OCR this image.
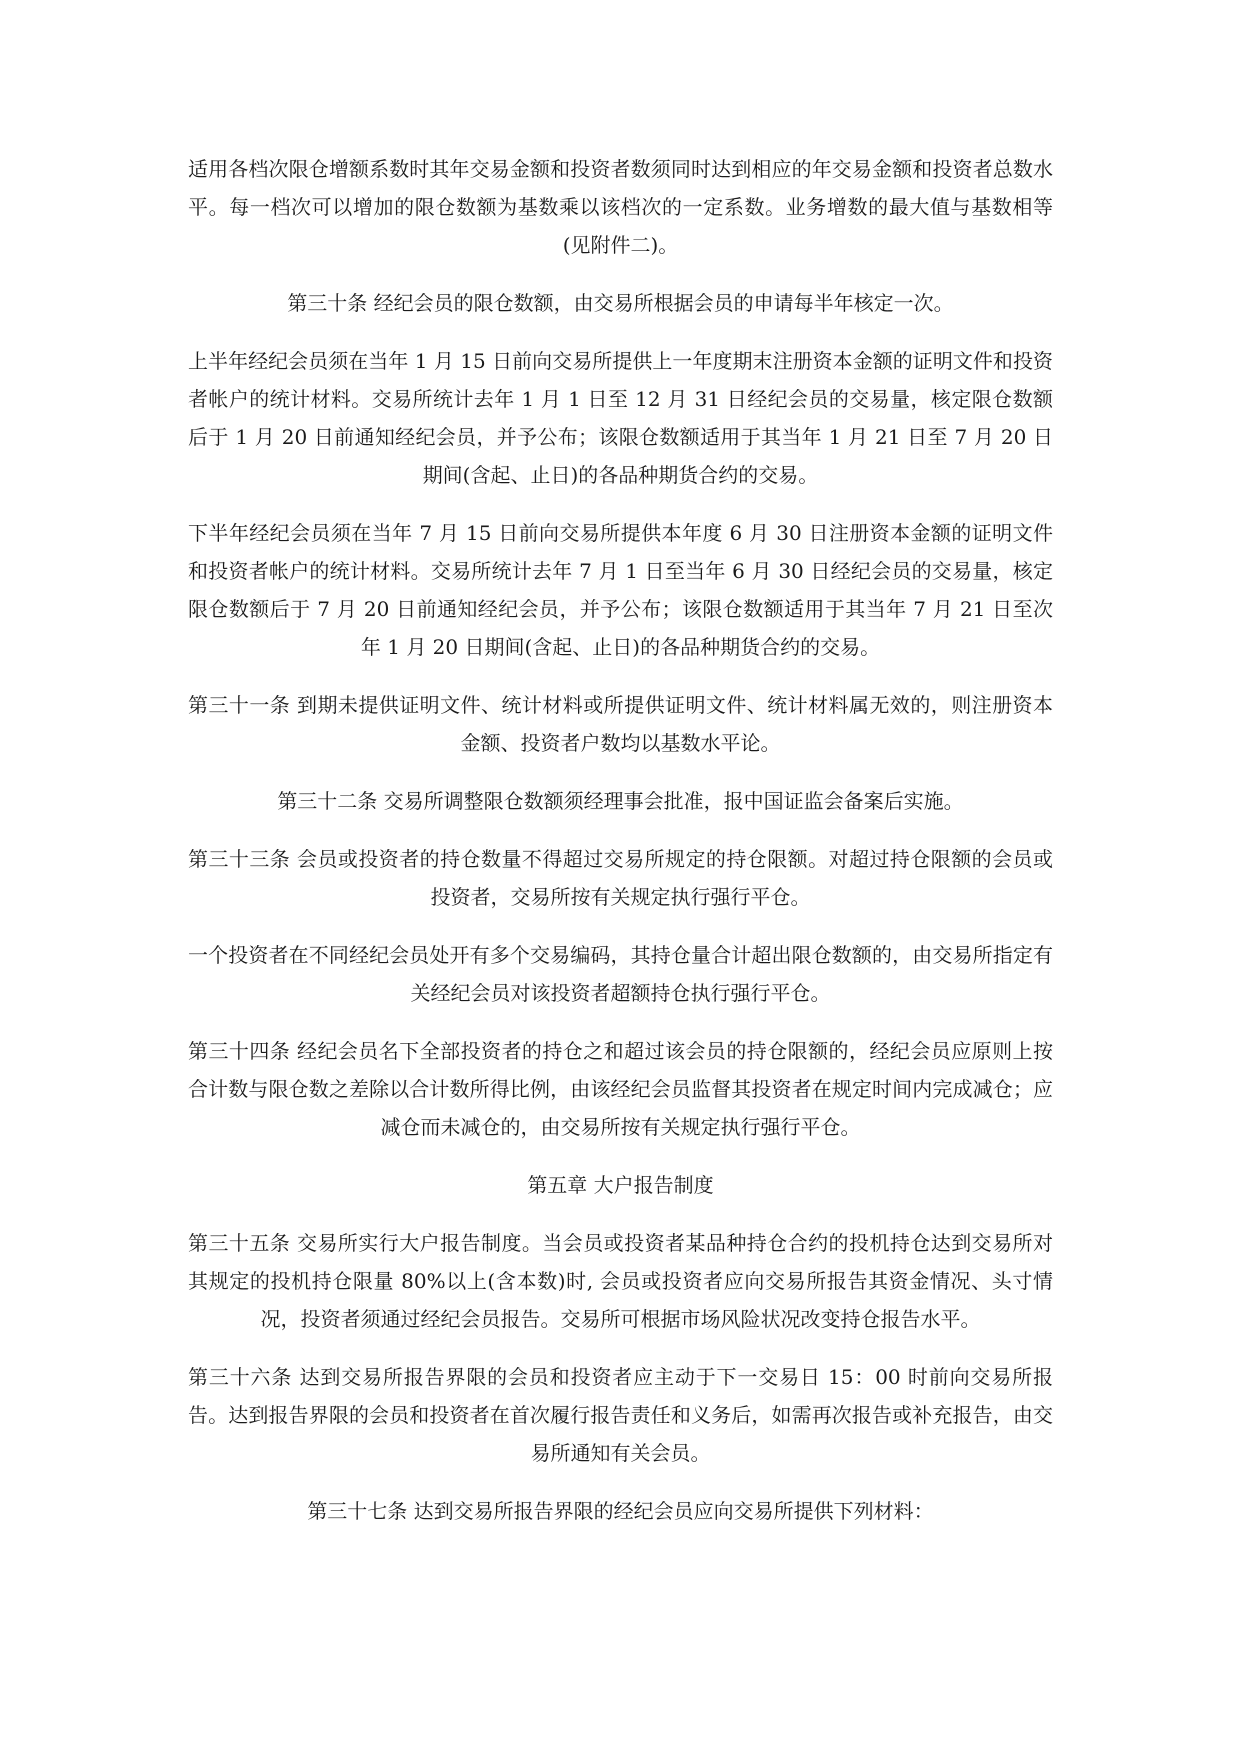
适用各档次限仓增额系数时其年交易金额和投资者数须同时达到相应的年交易金额和投资者总数水平。每一档次可以增加的限仓数额为基数乘以该档次的一定系数。业务增数的最大值与基数相等(见附件二)。

第三十条 经纪会员的限仓数额，由交易所根据会员的申请每半年核定一次。

上半年经纪会员须在当年 1 月 15 日前向交易所提供上一年度期末注册资本金额的证明文件和投资者帐户的统计材料。交易所统计去年 1 月 1 日至 12 月 31 日经纪会员的交易量，核定限仓数额后于 1 月 20 日前通知经纪会员，并予公布；该限仓数额适用于其当年 1 月 21 日至 7 月 20 日期间(含起、止日)的各品种期货合约的交易。

下半年经纪会员须在当年 7 月 15 日前向交易所提供本年度 6 月 30 日注册资本金额的证明文件和投资者帐户的统计材料。交易所统计去年 7 月 1 日至当年 6 月 30 日经纪会员的交易量，核定限仓数额后于 7 月 20 日前通知经纪会员，并予公布；该限仓数额适用于其当年 7 月 21 日至次年 1 月 20 日期间(含起、止日)的各品种期货合约的交易。

第三十一条 到期未提供证明文件、统计材料或所提供证明文件、统计材料属无效的，则注册资本金额、投资者户数均以基数水平论。

第三十二条 交易所调整限仓数额须经理事会批准，报中国证监会备案后实施。

第三十三条 会员或投资者的持仓数量不得超过交易所规定的持仓限额。对超过持仓限额的会员或投资者，交易所按有关规定执行强行平仓。

一个投资者在不同经纪会员处开有多个交易编码，其持仓量合计超出限仓数额的，由交易所指定有关经纪会员对该投资者超额持仓执行强行平仓。

第三十四条 经纪会员名下全部投资者的持仓之和超过该会员的持仓限额的，经纪会员应原则上按合计数与限仓数之差除以合计数所得比例，由该经纪会员监督其投资者在规定时间内完成减仓；应减仓而未减仓的，由交易所按有关规定执行强行平仓。

第五章 大户报告制度

第三十五条 交易所实行大户报告制度。当会员或投资者某品种持仓合约的投机持仓达到交易所对其规定的投机持仓限量 80%以上(含本数)时, 会员或投资者应向交易所报告其资金情况、头寸情况，投资者须通过经纪会员报告。交易所可根据市场风险状况改变持仓报告水平。

第三十六条 达到交易所报告界限的会员和投资者应主动于下一交易日 15：00 时前向交易所报告。达到报告界限的会员和投资者在首次履行报告责任和义务后，如需再次报告或补充报告，由交易所通知有关会员。

第三十七条 达到交易所报告界限的经纪会员应向交易所提供下列材料：
